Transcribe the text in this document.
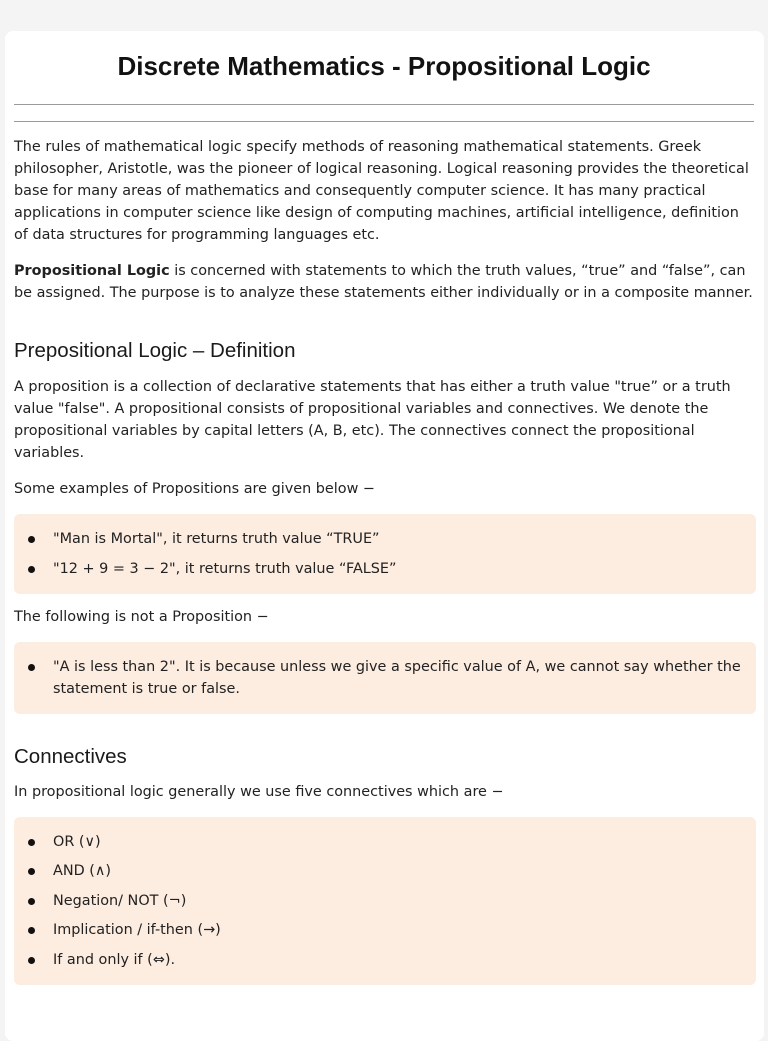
Discrete Mathematics - Propositional Logic

The rules of mathematical logic specify methods of reasoning mathematical statements. Greek philosopher, Aristotle, was the pioneer of logical reasoning. Logical reasoning provides the theoretical base for many areas of mathematics and consequently computer science. It has many practical applications in computer science like design of computing machines, artificial intelligence, definition of data structures for programming languages etc.

Propositional Logic is concerned with statements to which the truth values, “true” and “false”, can be assigned. The purpose is to analyze these statements either individually or in a composite manner.

Prepositional Logic – Definition

A proposition is a collection of declarative statements that has either a truth value "true” or a truth value "false". A propositional consists of propositional variables and connectives. We denote the propositional variables by capital letters (A, B, etc). The connectives connect the propositional variables.

Some examples of Propositions are given below −

"Man is Mortal", it returns truth value “TRUE”
"12 + 9 = 3 − 2", it returns truth value “FALSE”

The following is not a Proposition −

"A is less than 2". It is because unless we give a specific value of A, we cannot say whether the statement is true or false.
Connectives

In propositional logic generally we use five connectives which are −

OR (∨)
AND (∧)
Negation/ NOT (¬)
Implication / if-then (→)
If and only if (⇔).
